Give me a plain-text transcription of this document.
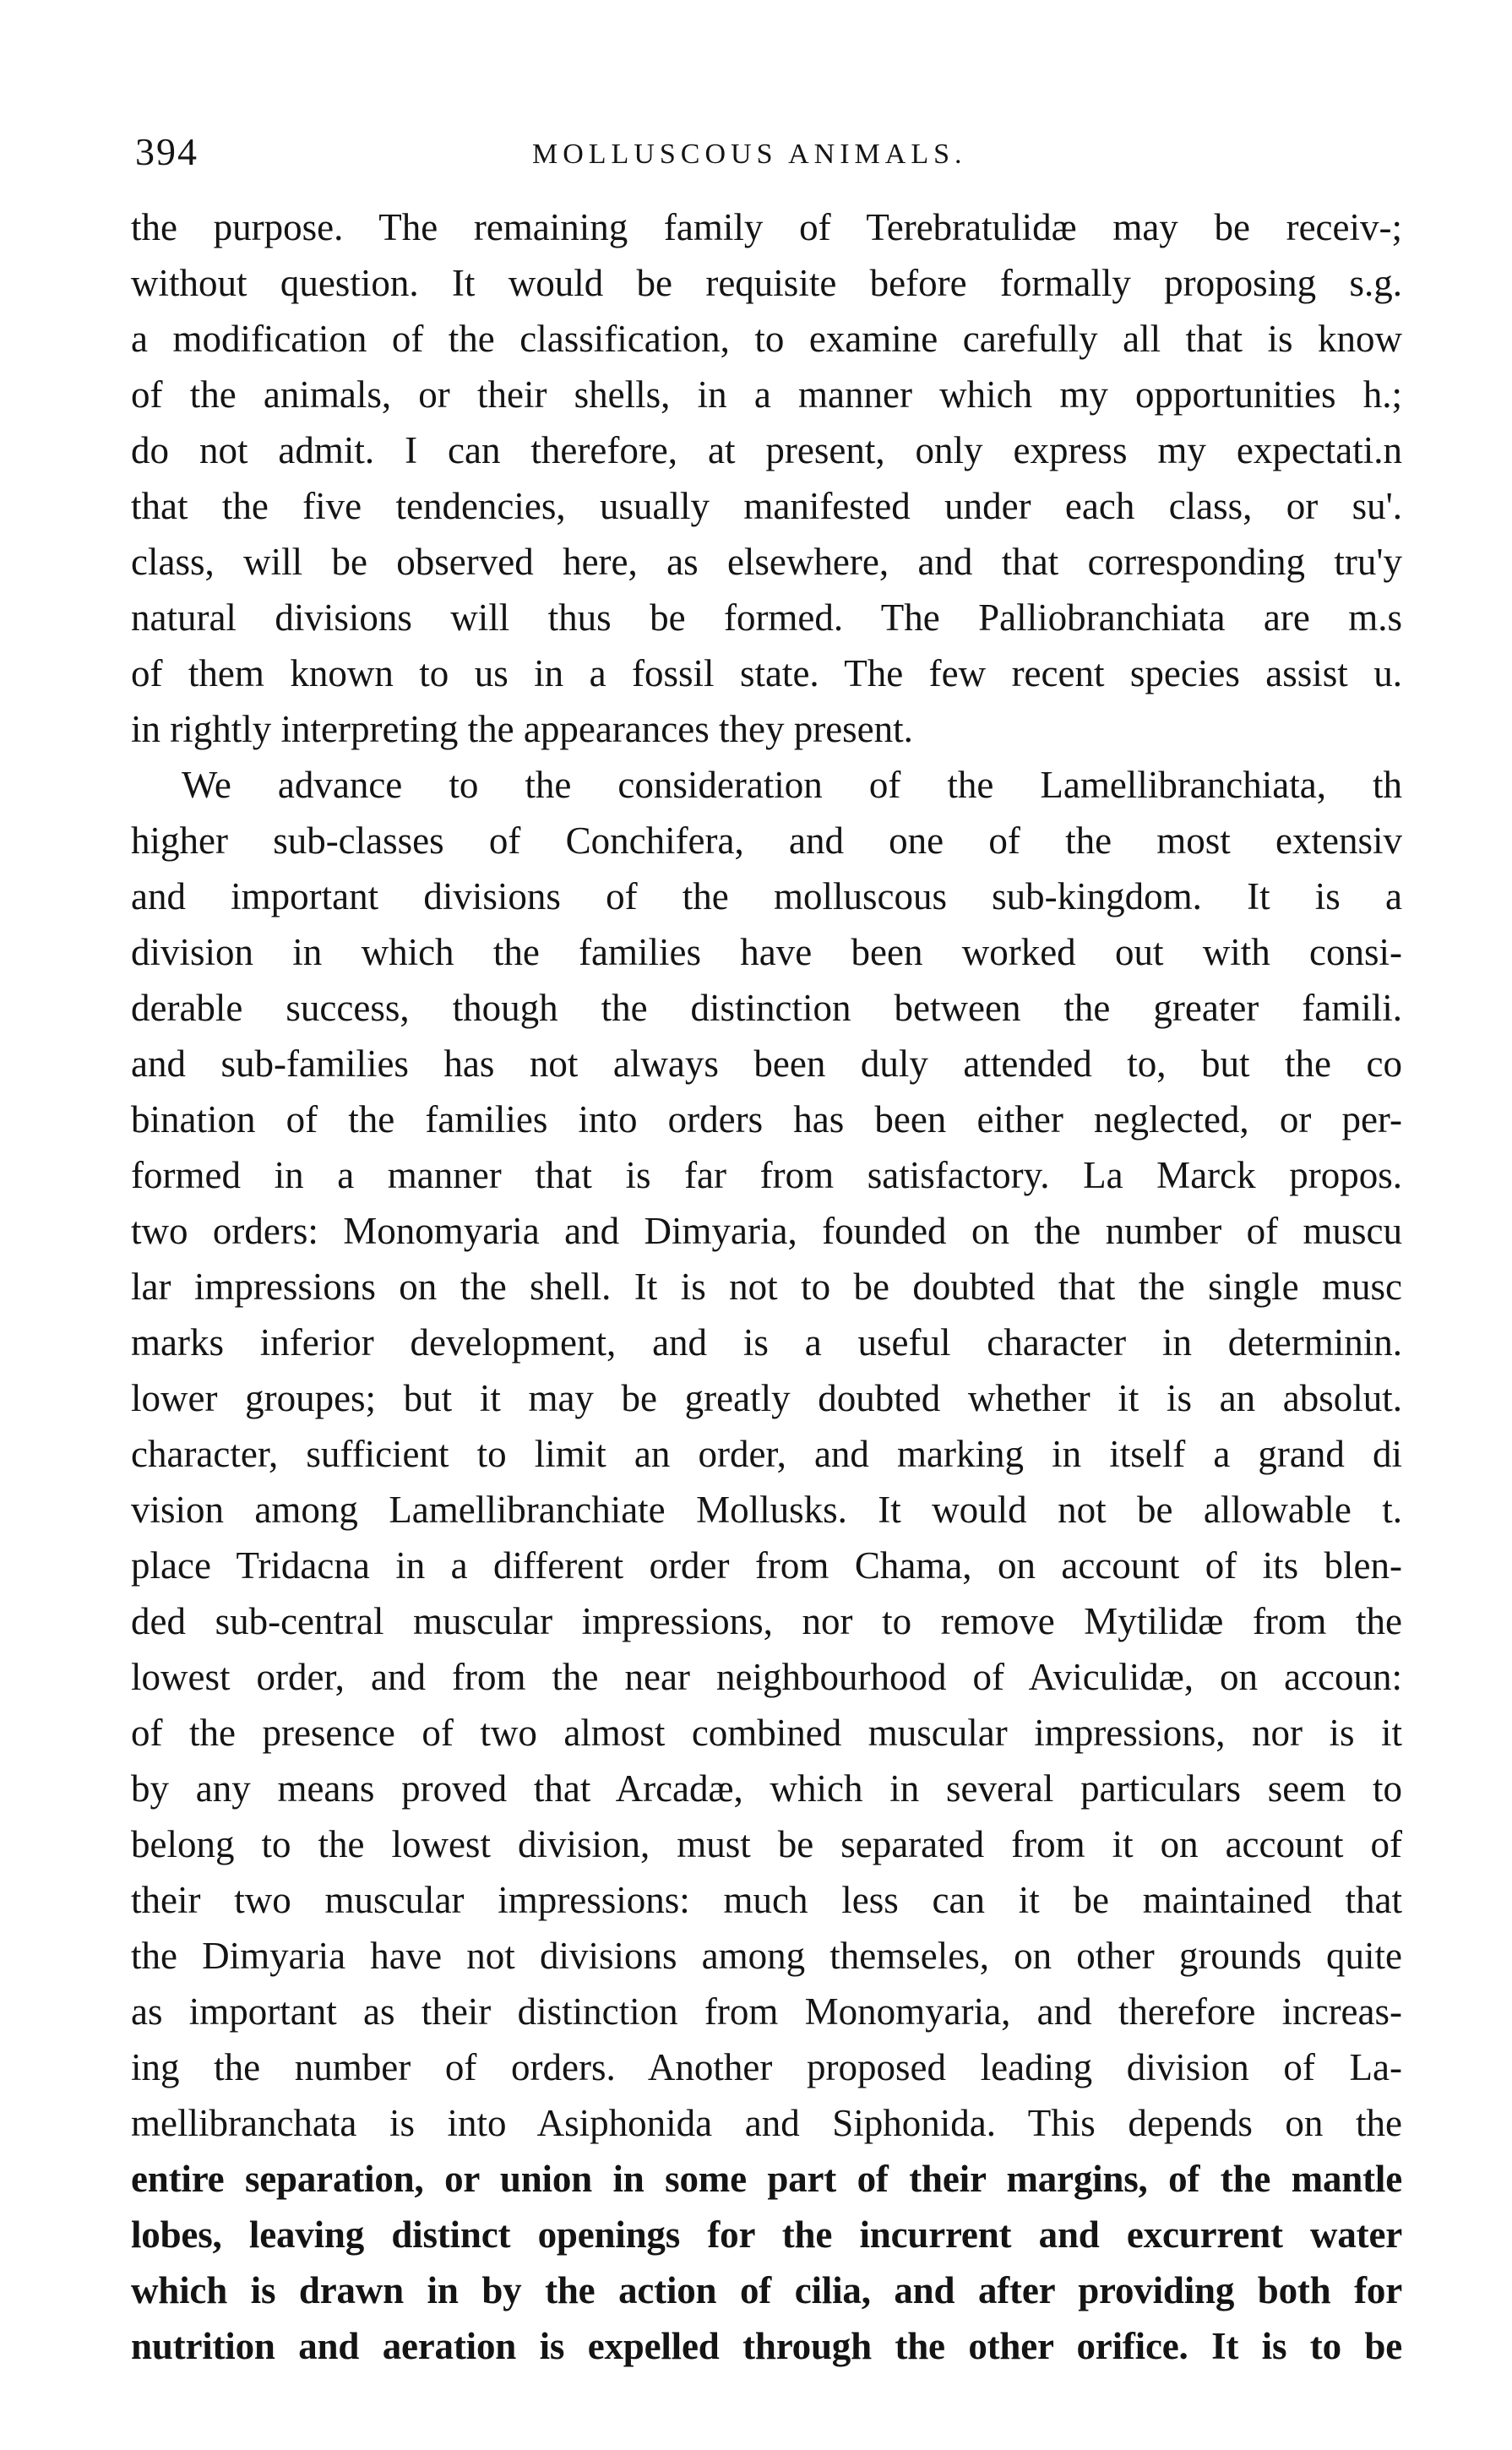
394	MOLLUSCOUS ANIMALS.
the purpose. The remaining family of Terebratulidæ may be receiv-;
without question. It would be requisite before formally proposing s.g.
a modification of the classification, to examine carefully all that is know
of the animals, or their shells, in a manner which my opportunities h.;
do not admit. I can therefore, at present, only express my expectati.n
that the five tendencies, usually manifested under each class, or su'.
class, will be observed here, as elsewhere, and that corresponding tru'y
natural divisions will thus be formed. The Palliobranchiata are m.s
of them known to us in a fossil state. The few recent species assist u.
in rightly interpreting the appearances they present.
We advance to the consideration of the Lamellibranchiata, th
higher sub-classes of Conchifera, and one of the most extensiv
and important divisions of the molluscous sub-kingdom. It is a
division in which the families have been worked out with consi-
derable success, though the distinction between the greater famili.
and sub-families has not always been duly attended to, but the co
bination of the families into orders has been either neglected, or per-
formed in a manner that is far from satisfactory. La Marck propos.
two orders: Monomyaria and Dimyaria, founded on the number of muscu
lar impressions on the shell. It is not to be doubted that the single musc
marks inferior development, and is a useful character in determinin.
lower groupes; but it may be greatly doubted whether it is an absolut.
character, sufficient to limit an order, and marking in itself a grand di
vision among Lamellibranchiate Mollusks. It would not be allowable t.
place Tridacna in a different order from Chama, on account of its blen-
ded sub-central muscular impressions, nor to remove Mytilidæ from the
lowest order, and from the near neighbourhood of Aviculidæ, on accoun:
of the presence of two almost combined muscular impressions, nor is it
by any means proved that Arcadæ, which in several particulars seem to
belong to the lowest division, must be separated from it on account of
their two muscular impressions: much less can it be maintained that
the Dimyaria have not divisions among themseles, on other grounds quite
as important as their distinction from Monomyaria, and therefore increas-
ing the number of orders. Another proposed leading division of La-
mellibranchata is into Asiphonida and Siphonida. This depends on the
entire separation, or union in some part of their margins, of the mantle
lobes, leaving distinct openings for the incurrent and excurrent water
which is drawn in by the action of cilia, and after providing both for
nutrition and aeration is expelled through the other orifice. It is to be
